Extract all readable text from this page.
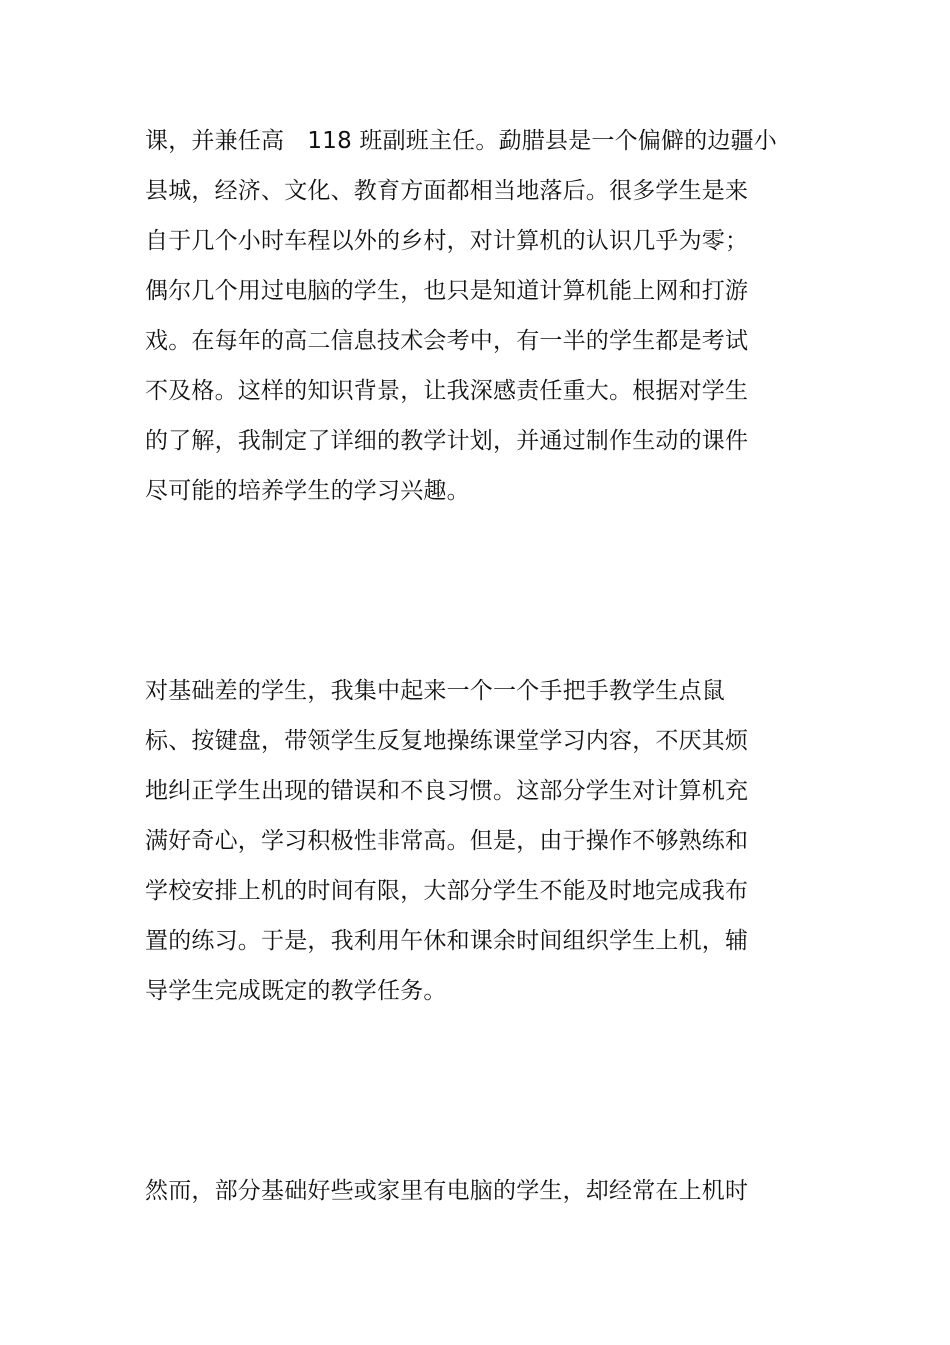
课，并兼任高　118 班副班主任。勐腊县是一个偏僻的边疆小
县城，经济、文化、教育方面都相当地落后。很多学生是来
自于几个小时车程以外的乡村，对计算机的认识几乎为零；
偶尔几个用过电脑的学生，也只是知道计算机能上网和打游
戏。在每年的高二信息技术会考中，有一半的学生都是考试
不及格。这样的知识背景，让我深感责任重大。根据对学生
的了解，我制定了详细的教学计划，并通过制作生动的课件
尽可能的培养学生的学习兴趣。
对基础差的学生，我集中起来一个一个手把手教学生点鼠
标、按键盘，带领学生反复地操练课堂学习内容，不厌其烦
地纠正学生出现的错误和不良习惯。这部分学生对计算机充
满好奇心，学习积极性非常高。但是，由于操作不够熟练和
学校安排上机的时间有限，大部分学生不能及时地完成我布
置的练习。于是，我利用午休和课余时间组织学生上机，辅
导学生完成既定的教学任务。
然而，部分基础好些或家里有电脑的学生，却经常在上机时
